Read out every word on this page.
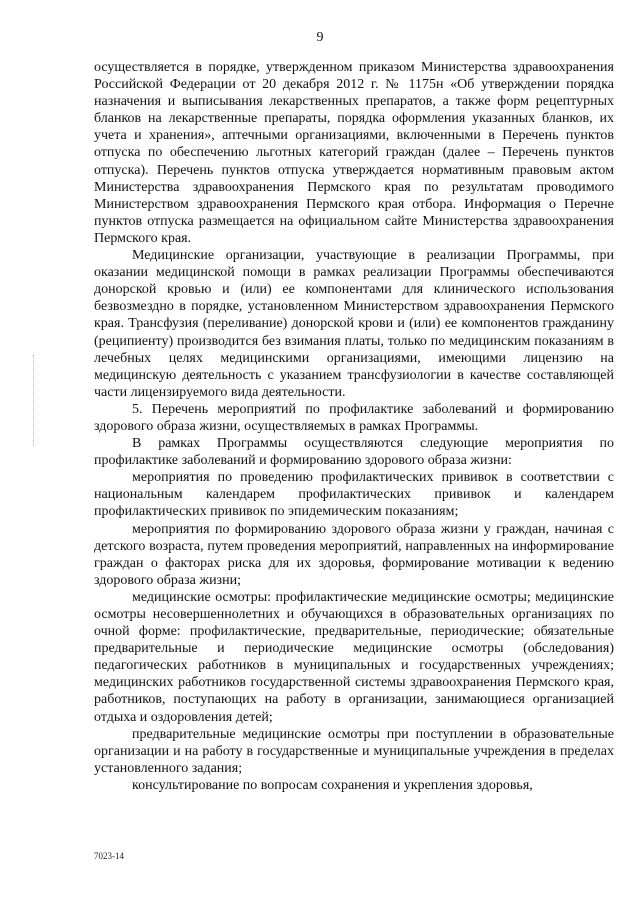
9

осуществляется в порядке, утвержденном приказом Министерства здравоохранения Российской Федерации от 20 декабря 2012 г. № 1175н «Об утверждении порядка назначения и выписывания лекарственных препаратов, а также форм рецептурных бланков на лекарственные препараты, порядка оформления указанных бланков, их учета и хранения», аптечными организациями, включенными в Перечень пунктов отпуска по обеспечению льготных категорий граждан (далее – Перечень пунктов отпуска). Перечень пунктов отпуска утверждается нормативным правовым актом Министерства здравоохранения Пермского края по результатам проводимого Министерством здравоохранения Пермского края отбора. Информация о Перечне пунктов отпуска размещается на официальном сайте Министерства здравоохранения Пермского края.

Медицинские организации, участвующие в реализации Программы, при оказании медицинской помощи в рамках реализации Программы обеспечиваются донорской кровью и (или) ее компонентами для клинического использования безвозмездно в порядке, установленном Министерством здравоохранения Пермского края. Трансфузия (переливание) донорской крови и (или) ее компонентов гражданину (реципиенту) производится без взимания платы, только по медицинским показаниям в лечебных целях медицинскими организациями, имеющими лицензию на медицинскую деятельность с указанием трансфузиологии в качестве составляющей части лицензируемого вида деятельности.

5. Перечень мероприятий по профилактике заболеваний и формированию здорового образа жизни, осуществляемых в рамках Программы.

В рамках Программы осуществляются следующие мероприятия по профилактике заболеваний и формированию здорового образа жизни:

мероприятия по проведению профилактических прививок в соответствии с национальным календарем профилактических прививок и календарем профилактических прививок по эпидемическим показаниям;

мероприятия по формированию здорового образа жизни у граждан, начиная с детского возраста, путем проведения мероприятий, направленных на информирование граждан о факторах риска для их здоровья, формирование мотивации к ведению здорового образа жизни;

медицинские осмотры: профилактические медицинские осмотры; медицинские осмотры несовершеннолетних и обучающихся в образовательных организациях по очной форме: профилактические, предварительные, периодические; обязательные предварительные и периодические медицинские осмотры (обследования) педагогических работников в муниципальных и государственных учреждениях; медицинских работников государственной системы здравоохранения Пермского края, работников, поступающих на работу в организации, занимающиеся организацией отдыха и оздоровления детей;

предварительные медицинские осмотры при поступлении в образовательные организации и на работу в государственные и муниципальные учреждения в пределах установленного задания;

консультирование по вопросам сохранения и укрепления здоровья,

7023-14
